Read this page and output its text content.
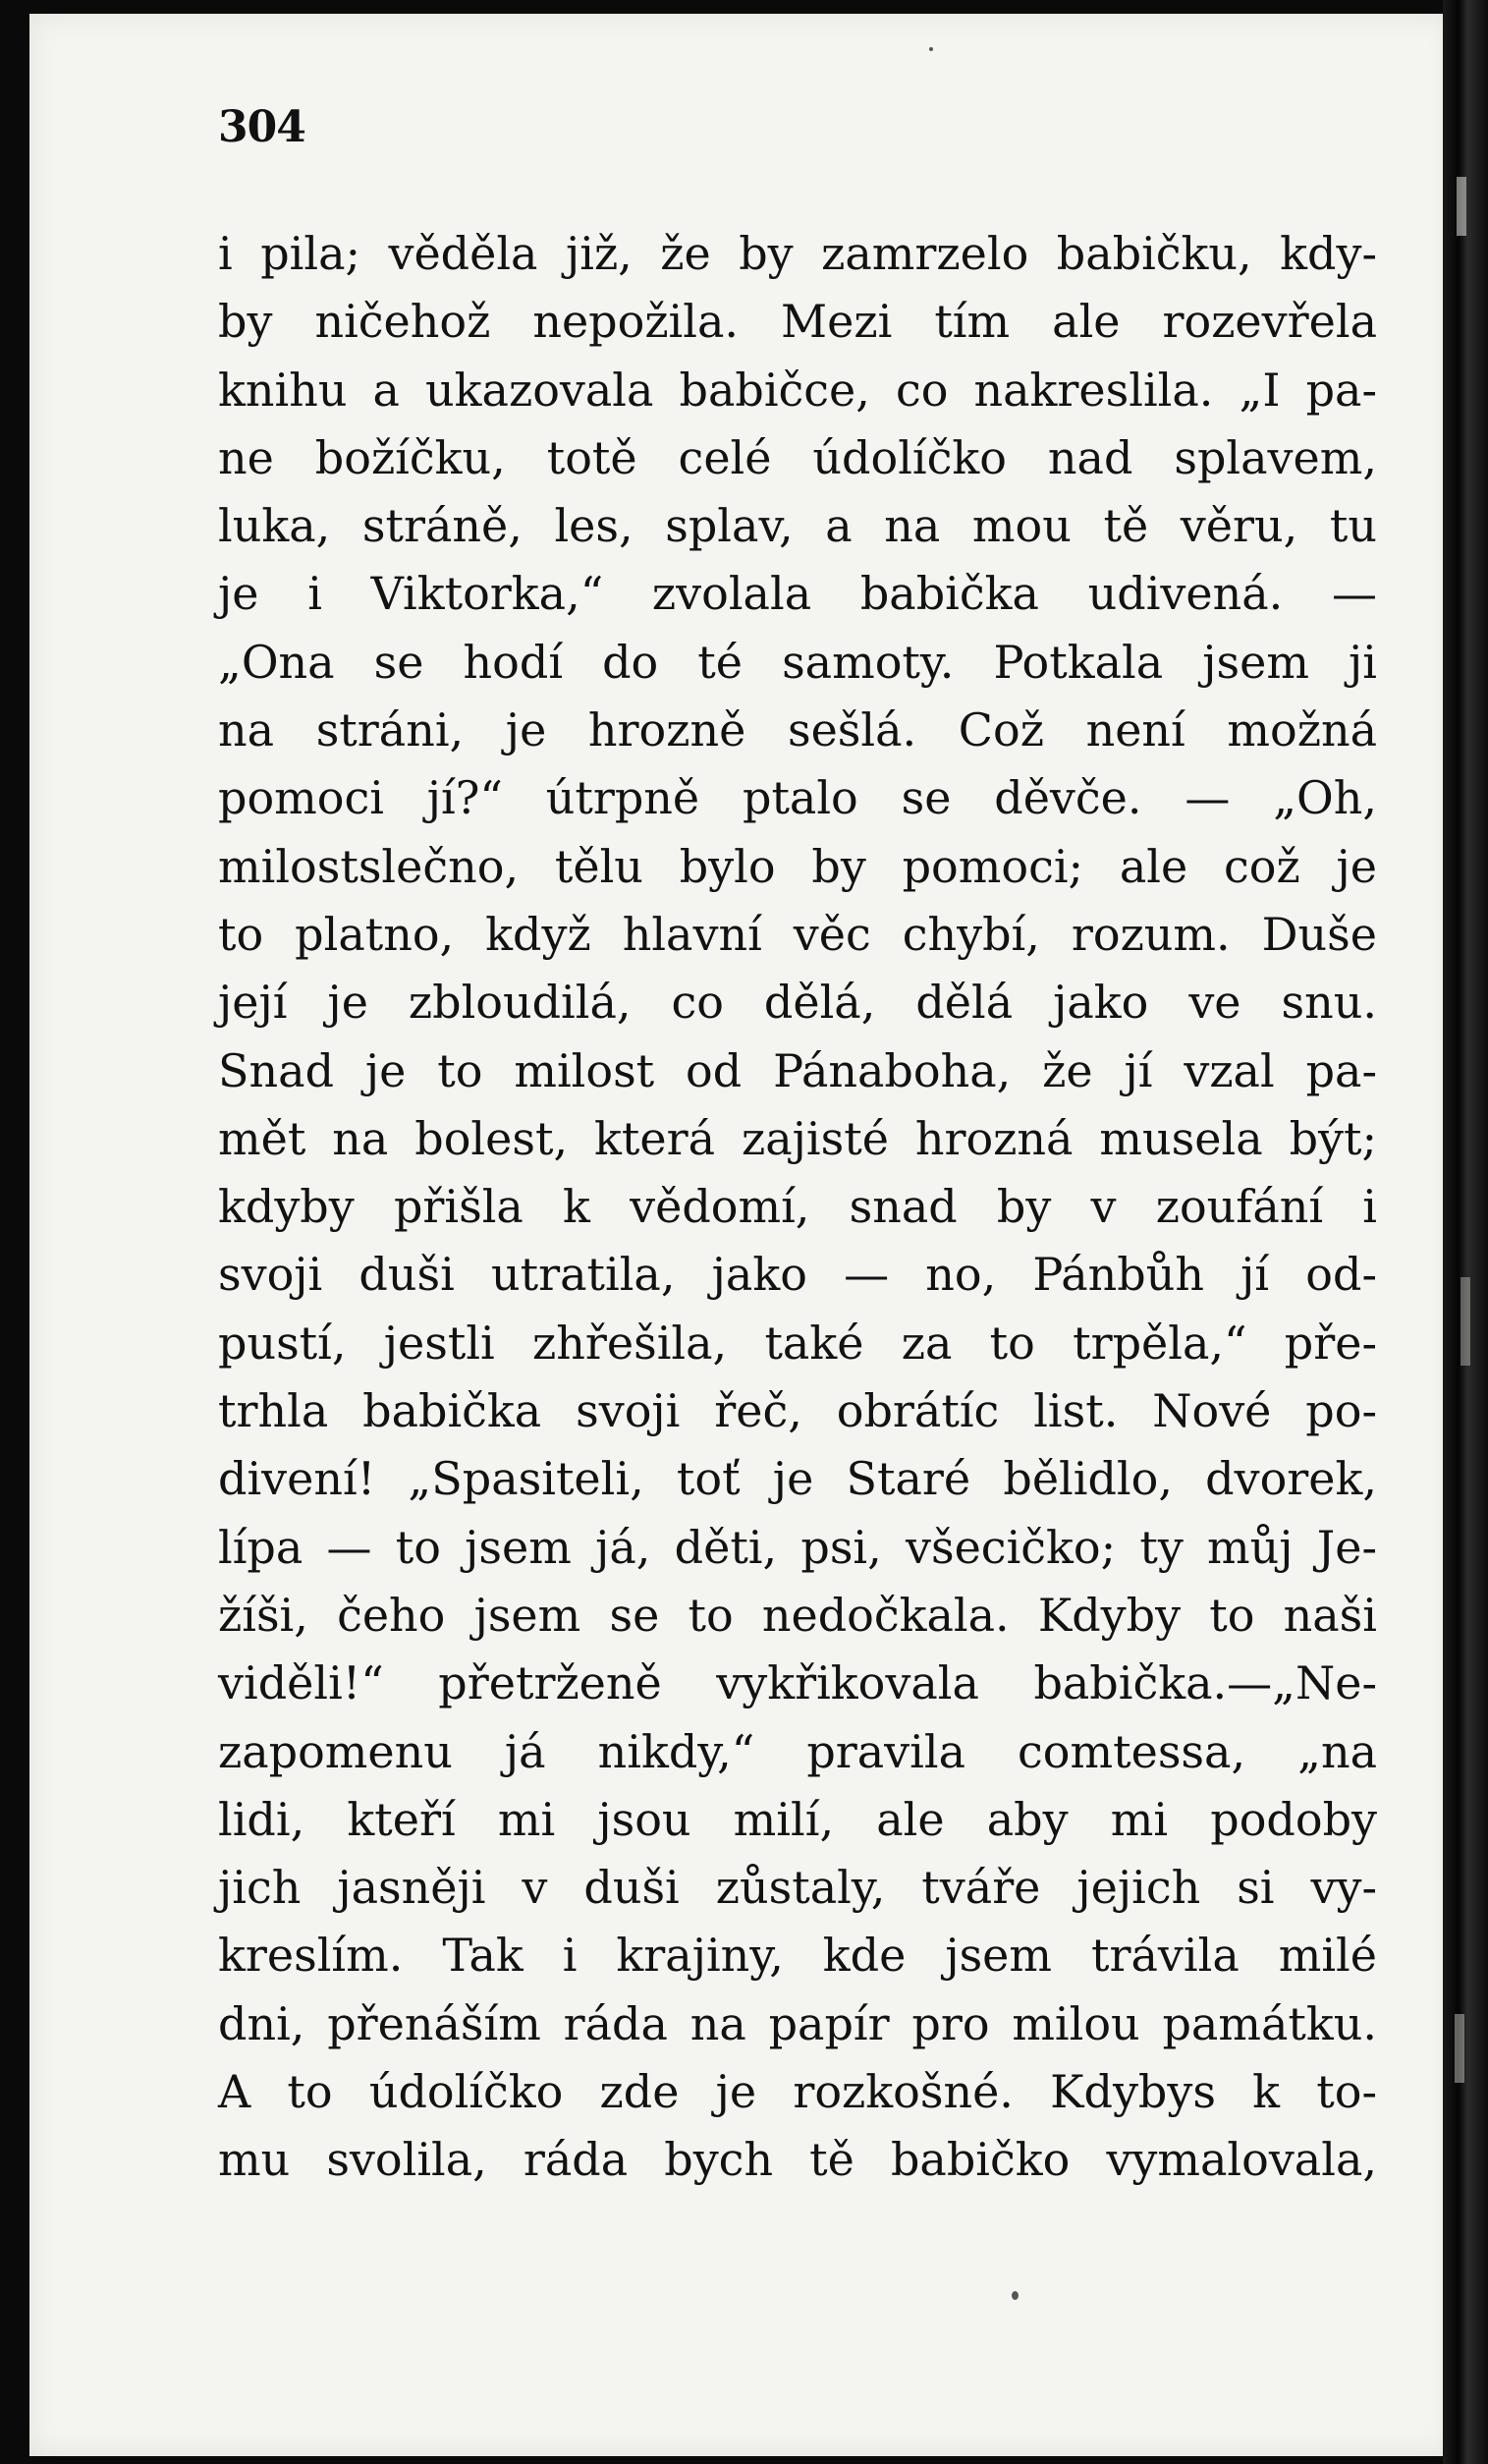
304
i pila; věděla již, že by zamrzelo babičku, kdy-
by ničehož nepožila. Mezi tím ale rozevřela
knihu a ukazovala babičce, co nakreslila. „I pa-
ne božíčku, totě celé údolíčko nad splavem,
luka, stráně, les, splav, a na mou tě věru, tu
je i Viktorka,“ zvolala babička udivená. —
„Ona se hodí do té samoty. Potkala jsem ji
na stráni, je hrozně sešlá. Což není možná
pomoci jí?“ útrpně ptalo se děvče. — „Oh,
milostslečno, tělu bylo by pomoci; ale což je
to platno, když hlavní věc chybí, rozum. Duše
její je zbloudilá, co dělá, dělá jako ve snu.
Snad je to milost od Pánaboha, že jí vzal pa-
mět na bolest, která zajisté hrozná musela být;
kdyby přišla k vědomí, snad by v zoufání i
svoji duši utratila, jako — no, Pánbůh jí od-
pustí, jestli zhřešila, také za to trpěla,“ pře-
trhla babička svoji řeč, obrátíc list. Nové po-
divení! „Spasiteli, toť je Staré bělidlo, dvorek,
lípa — to jsem já, děti, psi, všecičko; ty můj Je-
žíši, čeho jsem se to nedočkala. Kdyby to naši
viděli!“ přetrženě vykřikovala babička.—„Ne-
zapomenu já nikdy,“ pravila comtessa, „na
lidi, kteří mi jsou milí, ale aby mi podoby
jich jasněji v duši zůstaly, tváře jejich si vy-
kreslím. Tak i krajiny, kde jsem trávila milé
dni, přenáším ráda na papír pro milou památku.
A to údolíčko zde je rozkošné. Kdybys k to-
mu svolila, ráda bych tě babičko vymalovala,
